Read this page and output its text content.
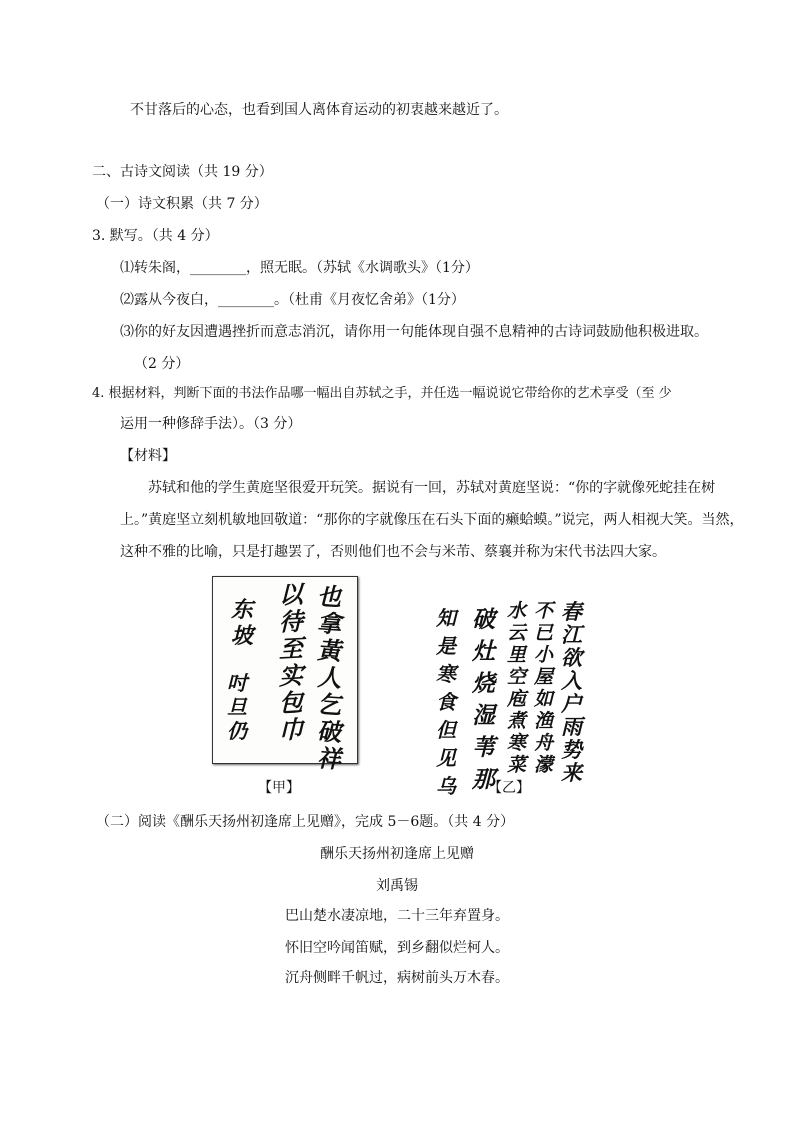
不甘落后的心态，也看到国人离体育运动的初衷越来越近了。
二、古诗文阅读（共 19 分）
（一）诗文积累（共 7 分）
3. 默写。（共 4 分）
⑴转朱阁，________，照无眠。（苏轼《水调歌头》（1分）
⑵露从今夜白，________。（杜甫《月夜忆舍弟》（1分）
⑶你的好友因遭遇挫折而意志消沉，请你用一句能体现自强不息精神的古诗词鼓励他积极进取。
（2 分）
4. 根据材料，判断下面的书法作品哪一幅出自苏轼之手，并任选一幅说说它带给你的艺术享受（至 少
运用一种修辞手法）。（3 分）
【材料】
苏轼和他的学生黄庭坚很爱开玩笑。据说有一回，苏轼对黄庭坚说：“你的字就像死蛇挂在树
上。”黄庭坚立刻机敏地回敬道：“那你的字就像压在石头下面的癞蛤蟆。”说完，两人相视大笑。当然，
这种不雅的比喻，只是打趣罢了，否则他们也不会与米芾、蔡襄并称为宋代书法四大家。
也拿黃人乞破祥
以待至实包巾
东坡
吋旦仍
春江欲入户雨势来
不已小屋如渔舟濛
水云里空庖煮寒菜
破灶烧湿苇那
知是寒食但见乌
【甲】	【乙】
（二）阅读《酬乐天扬州初逢席上见赠》，完成 5－6题。（共 4 分）
酬乐天扬州初逢席上见赠
刘禹锡
巴山楚水凄凉地，二十三年弃置身。
怀旧空吟闻笛赋，到乡翻似烂柯人。
沉舟侧畔千帆过，病树前头万木春。
